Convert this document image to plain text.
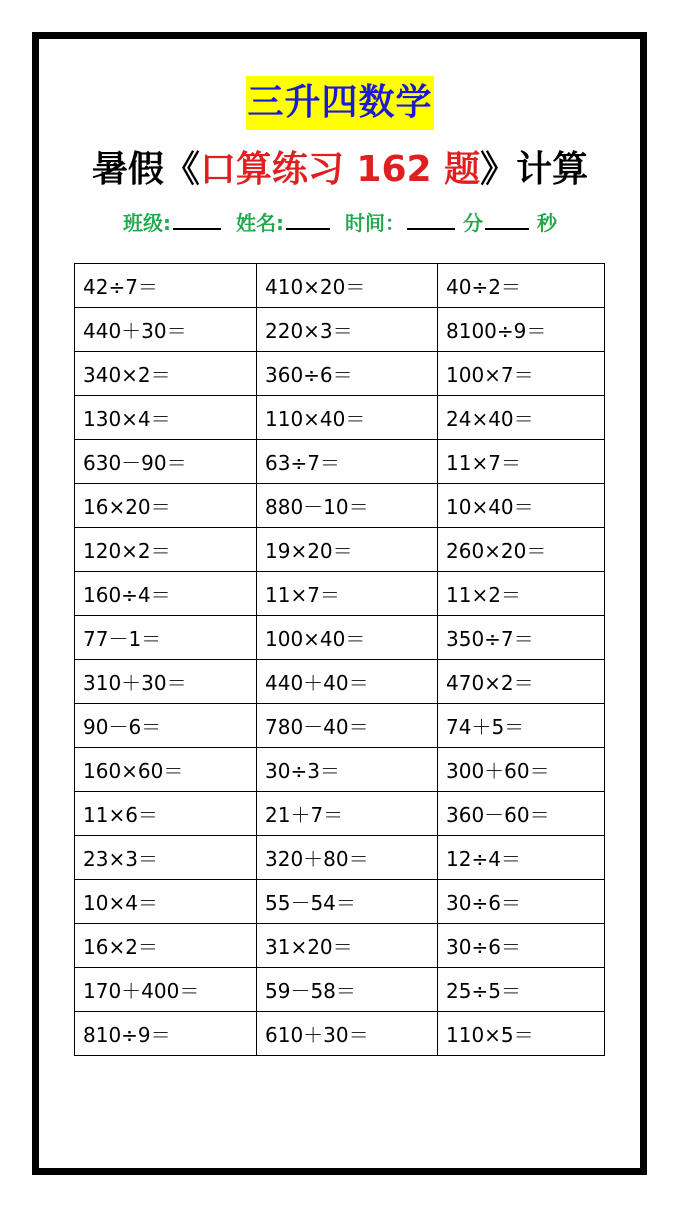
三升四数学
暑假《口算练习 162 题》计算
班级:	姓名:	时间：	分	秒
42÷7＝	410×20＝	40÷2＝
440＋30＝	220×3＝	8100÷9＝
340×2＝	360÷6＝	100×7＝
130×4＝	110×40＝	24×40＝
630－90＝	63÷7＝	11×7＝
16×20＝	880－10＝	10×40＝
120×2＝	19×20＝	260×20＝
160÷4＝	11×7＝	11×2＝
77－1＝	100×40＝	350÷7＝
310＋30＝	440＋40＝	470×2＝
90－6＝	780－40＝	74＋5＝
160×60＝	30÷3＝	300＋60＝
11×6＝	21＋7＝	360－60＝
23×3＝	320＋80＝	12÷4＝
10×4＝	55－54＝	30÷6＝
16×2＝	31×20＝	30÷6＝
170＋400＝	59－58＝	25÷5＝
810÷9＝	610＋30＝	110×5＝
